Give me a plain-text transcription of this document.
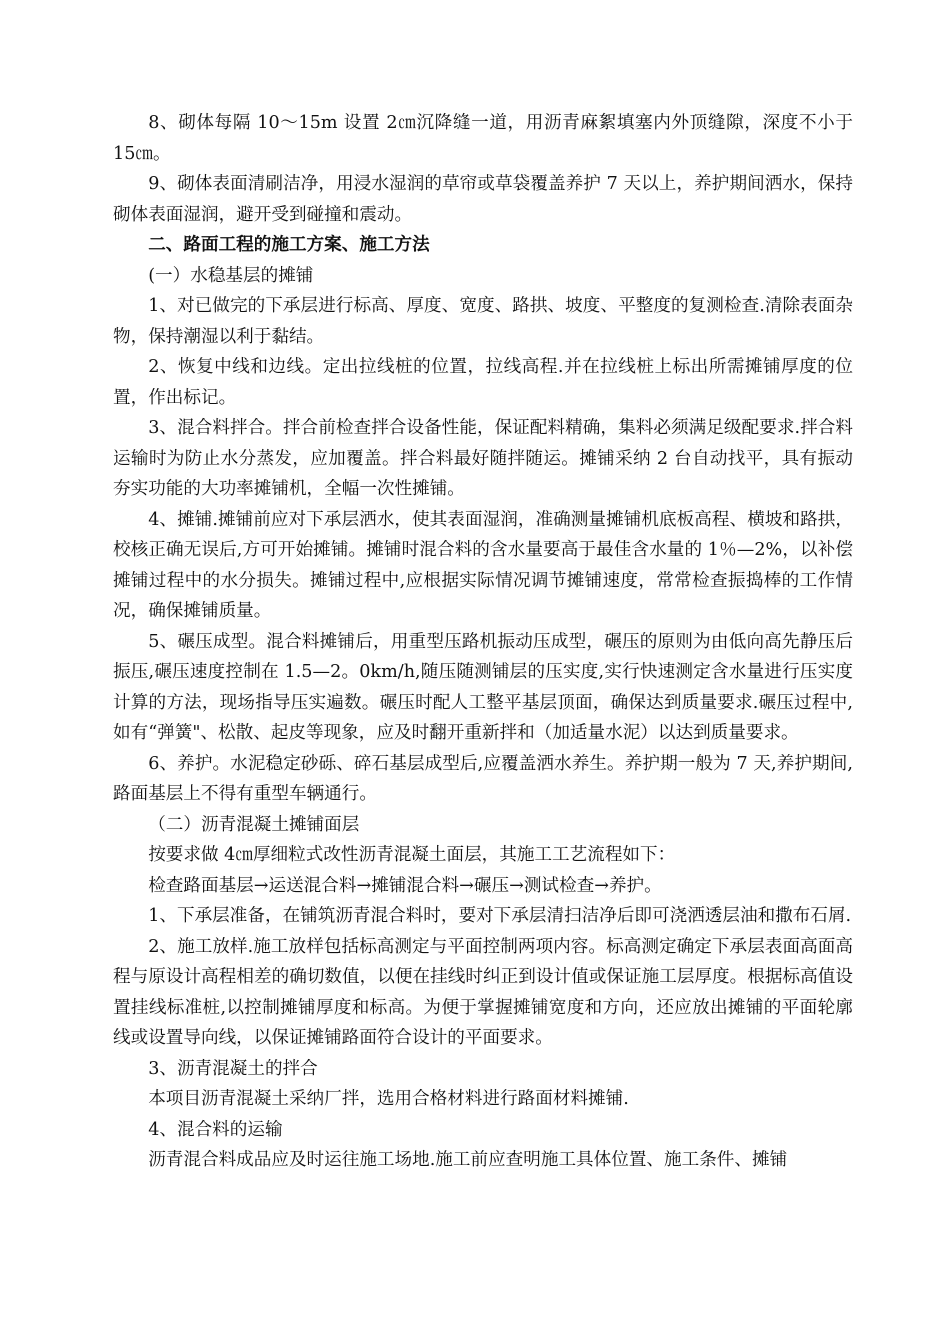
8、砌体每隔 10～15m 设置 2㎝沉降缝一道，用沥青麻絮填塞内外顶缝隙，深度不小于 15㎝。

9、砌体表面清刷洁净，用浸水湿润的草帘或草袋覆盖养护 7 天以上，养护期间洒水，保持砌体表面湿润，避开受到碰撞和震动。

二、路面工程的施工方案、施工方法

(一）水稳基层的摊铺

1、对已做完的下承层进行标高、厚度、宽度、路拱、坡度、平整度的复测检查.清除表面杂物，保持潮湿以利于黏结。

2、恢复中线和边线。定出拉线桩的位置，拉线高程.并在拉线桩上标出所需摊铺厚度的位置，作出标记。

3、混合料拌合。拌合前检查拌合设备性能，保证配料精确，集料必须满足级配要求.拌合料运输时为防止水分蒸发，应加覆盖。拌合料最好随拌随运。摊铺采纳 2 台自动找平，具有振动夯实功能的大功率摊铺机，全幅一次性摊铺。

4、摊铺.摊铺前应对下承层洒水，使其表面湿润，准确测量摊铺机底板高程、横坡和路拱，校核正确无误后,方可开始摊铺。摊铺时混合料的含水量要高于最佳含水量的 1％—2%，以补偿摊铺过程中的水分损失。摊铺过程中,应根据实际情况调节摊铺速度，常常检查振捣棒的工作情况，确保摊铺质量。

5、碾压成型。混合料摊铺后，用重型压路机振动压成型，碾压的原则为由低向高先静压后振压,碾压速度控制在 1.5—2。0km/h,随压随测铺层的压实度,实行快速测定含水量进行压实度计算的方法，现场指导压实遍数。碾压时配人工整平基层顶面，确保达到质量要求.碾压过程中,如有“弹簧"、松散、起皮等现象，应及时翻开重新拌和（加适量水泥）以达到质量要求。

6、养护。水泥稳定砂砾、碎石基层成型后,应覆盖洒水养生。养护期一般为 7 天,养护期间,路面基层上不得有重型车辆通行。

（二）沥青混凝土摊铺面层

按要求做 4㎝厚细粒式改性沥青混凝土面层，其施工工艺流程如下：

检查路面基层→运送混合料→摊铺混合料→碾压→测试检查→养护。

1、下承层准备，在铺筑沥青混合料时，要对下承层清扫洁净后即可浇洒透层油和撒布石屑.

2、施工放样.施工放样包括标高测定与平面控制两项内容。标高测定确定下承层表面高面高程与原设计高程相差的确切数值，以便在挂线时纠正到设计值或保证施工层厚度。根据标高值设置挂线标准桩,以控制摊铺厚度和标高。为便于掌握摊铺宽度和方向，还应放出摊铺的平面轮廓线或设置导向线，以保证摊铺路面符合设计的平面要求。

3、沥青混凝土的拌合

本项目沥青混凝土采纳厂拌，选用合格材料进行路面材料摊铺.

4、混合料的运输

沥青混合料成品应及时运往施工场地.施工前应查明施工具体位置、施工条件、摊铺
